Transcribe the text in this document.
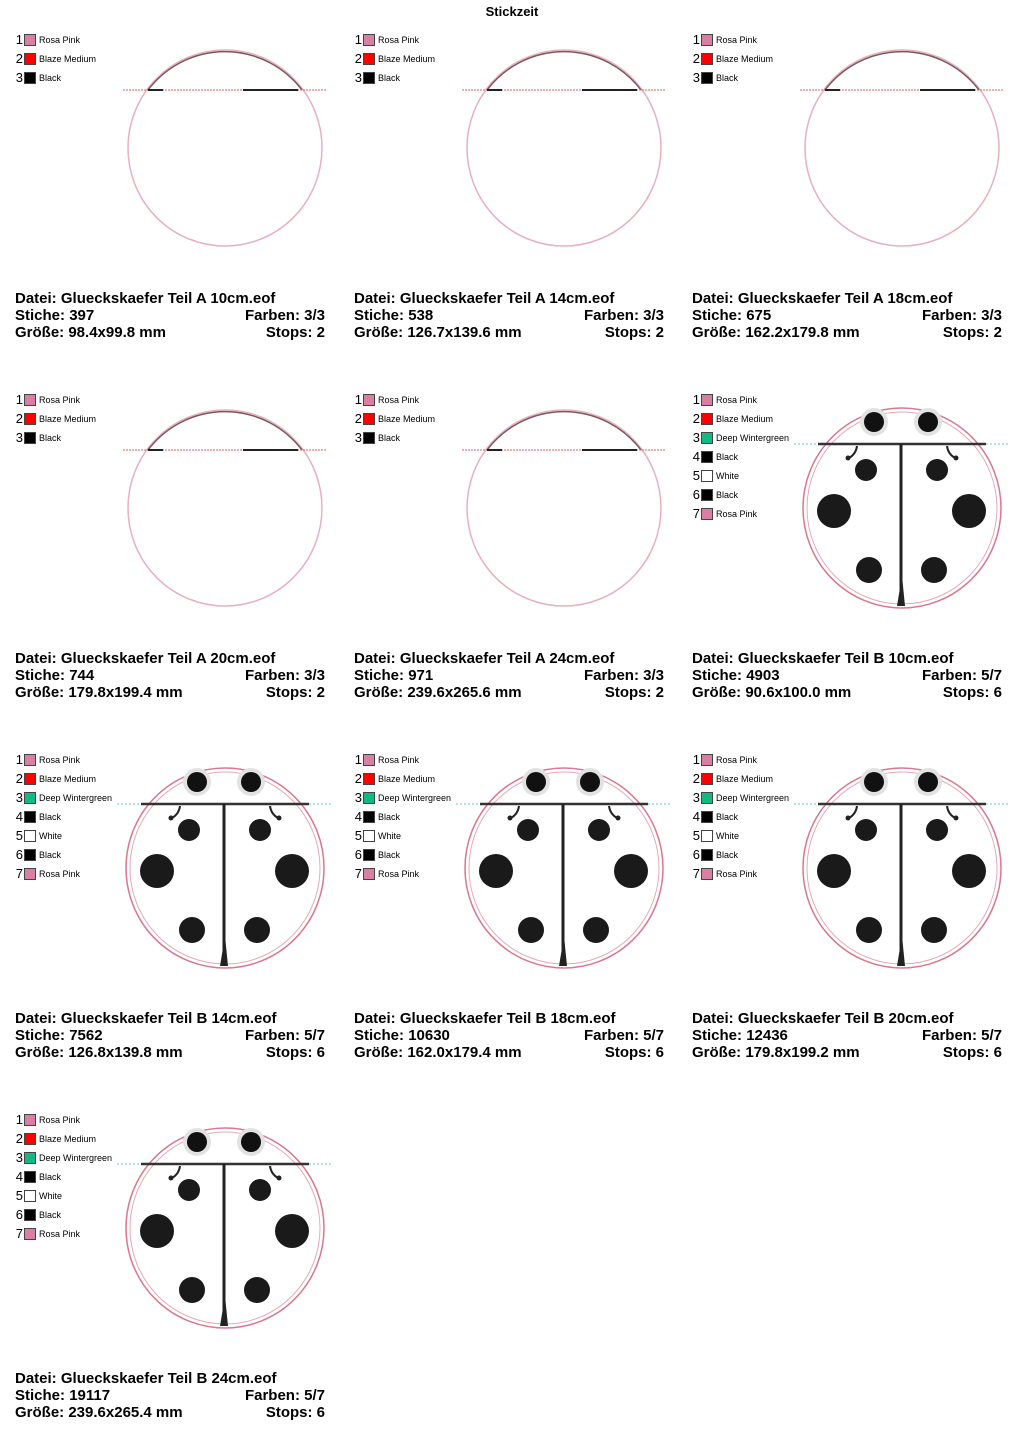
Stickzeit
1 Rosa Pink
2 Blaze Medium
3 Black
Datei: Glueckskaefer Teil A 10cm.eof
Stiche: 397	Farben: 3/3
Größe: 98.4x99.8 mm	Stops: 2
1 Rosa Pink
2 Blaze Medium
3 Black
Datei: Glueckskaefer Teil A 14cm.eof
Stiche: 538	Farben: 3/3
Größe: 126.7x139.6 mm	Stops: 2
1 Rosa Pink
2 Blaze Medium
3 Black
Datei: Glueckskaefer Teil A 18cm.eof
Stiche: 675	Farben: 3/3
Größe: 162.2x179.8 mm	Stops: 2
1 Rosa Pink
2 Blaze Medium
3 Black
Datei: Glueckskaefer Teil A 20cm.eof
Stiche: 744	Farben: 3/3
Größe: 179.8x199.4 mm	Stops: 2
1 Rosa Pink
2 Blaze Medium
3 Black
Datei: Glueckskaefer Teil A 24cm.eof
Stiche: 971	Farben: 3/3
Größe: 239.6x265.6 mm	Stops: 2
1 Rosa Pink
2 Blaze Medium
3 Deep Wintergreen
4 Black
5 White
6 Black
7 Rosa Pink
Datei: Glueckskaefer Teil B 10cm.eof
Stiche: 4903	Farben: 5/7
Größe: 90.6x100.0 mm	Stops: 6
1 Rosa Pink
2 Blaze Medium
3 Deep Wintergreen
4 Black
5 White
6 Black
7 Rosa Pink
Datei: Glueckskaefer Teil B 14cm.eof
Stiche: 7562	Farben: 5/7
Größe: 126.8x139.8 mm	Stops: 6
1 Rosa Pink
2 Blaze Medium
3 Deep Wintergreen
4 Black
5 White
6 Black
7 Rosa Pink
Datei: Glueckskaefer Teil B 18cm.eof
Stiche: 10630	Farben: 5/7
Größe: 162.0x179.4 mm	Stops: 6
1 Rosa Pink
2 Blaze Medium
3 Deep Wintergreen
4 Black
5 White
6 Black
7 Rosa Pink
Datei: Glueckskaefer Teil B 20cm.eof
Stiche: 12436	Farben: 5/7
Größe: 179.8x199.2 mm	Stops: 6
1 Rosa Pink
2 Blaze Medium
3 Deep Wintergreen
4 Black
5 White
6 Black
7 Rosa Pink
Datei: Glueckskaefer Teil B 24cm.eof
Stiche: 19117	Farben: 5/7
Größe: 239.6x265.4 mm	Stops: 6
